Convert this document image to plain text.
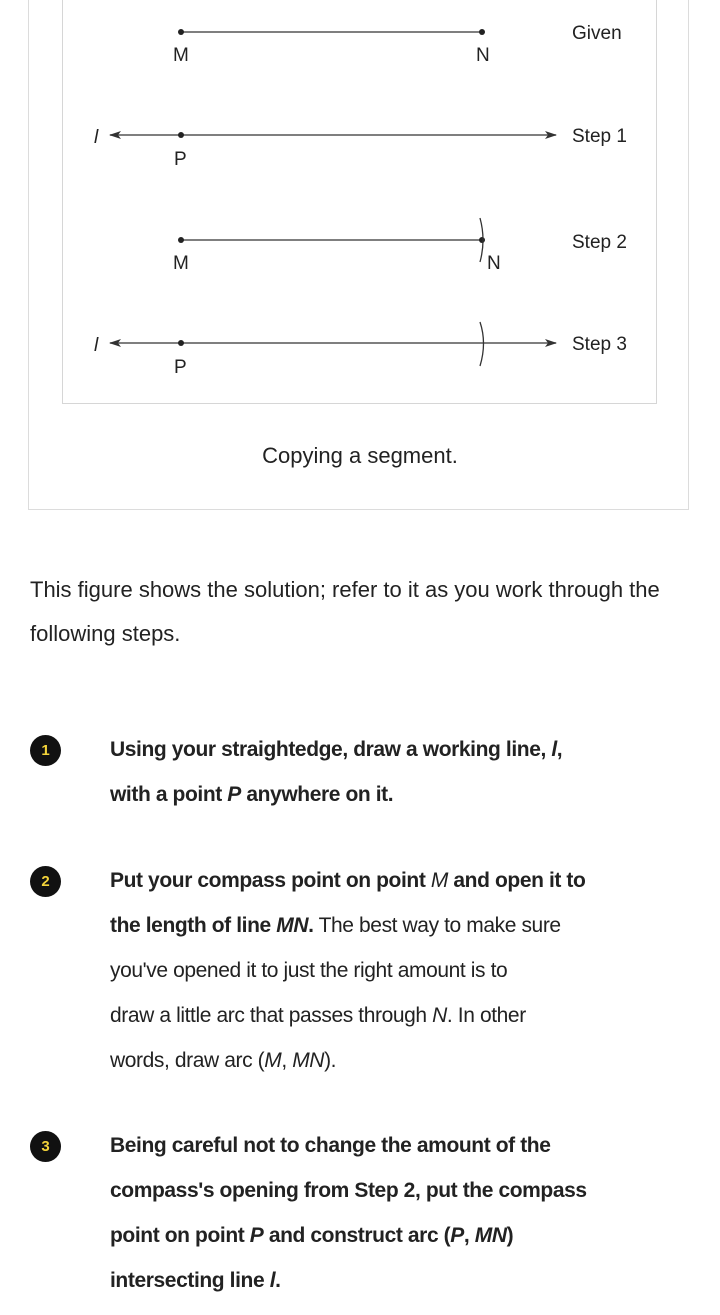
M	N
Given
l
P
Step 1
M	N
Step 2
l
P
Step 3
Copying a segment.
This figure shows the solution; refer to it as you work through the following steps.
1	Using your straightedge, draw a working line, l,
with a point P anywhere on it.
2	Put your compass point on point M and open it to
the length of line MN. The best way to make sure
you've opened it to just the right amount is to
draw a little arc that passes through N. In other
words, draw arc (M, MN).
3	Being careful not to change the amount of the
compass's opening from Step 2, put the compass
point on point P and construct arc (P, MN)
intersecting line l.
